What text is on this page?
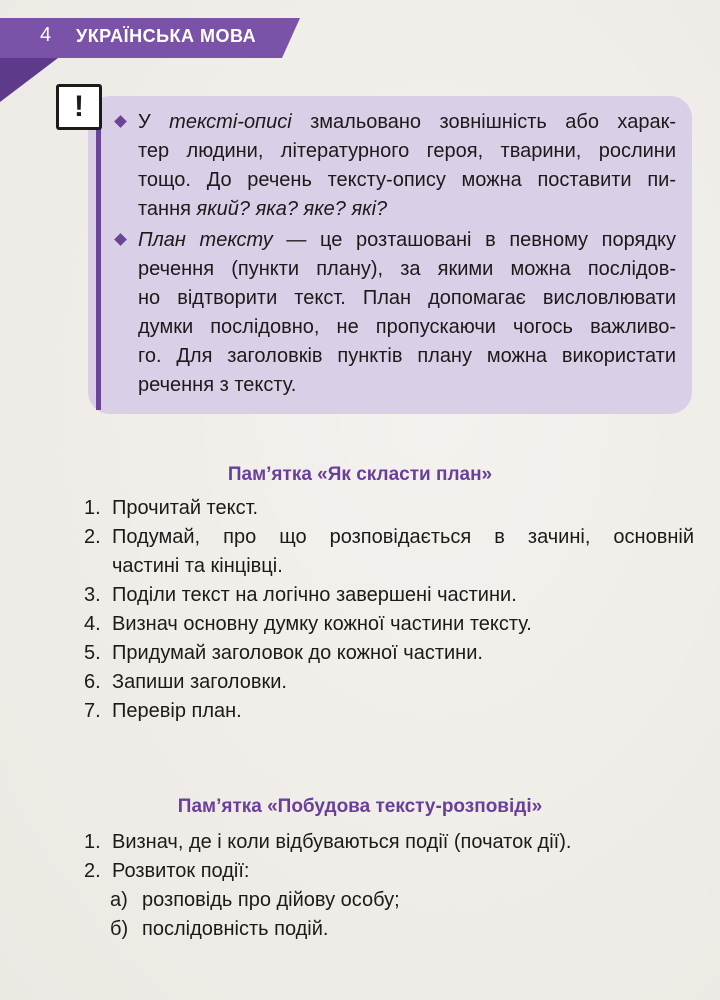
4 УКРАЇНСЬКА МОВА
!	У тексті-описі змальовано зовнішність або харак-
тер людини, літературного героя, тварини, рослини
тощо. До речень тексту-опису можна поставити пи-
тання який? яка? яке? які?
План тексту — це розташовані в певному порядку
речення (пункти плану), за якими можна послідов-
но відтворити текст. План допомагає висловлювати
думки послідовно, не пропускаючи чогось важливо-
го. Для заголовків пунктів плану можна використати
речення з тексту.
Пам’ятка «Як скласти план»
1. Прочитай текст.
2. Подумай, про що розповідається в зачині, основній
частині та кінцівці.
3. Поділи текст на логічно завершені частини.
4. Визнач основну думку кожної частини тексту.
5. Придумай заголовок до кожної частини.
6. Запиши заголовки.
7. Перевір план.
Пам’ятка «Побудова тексту-розповіді»
1. Визнач, де і коли відбуваються події (початок дії).
2. Розвиток події:
а) розповідь про дійову особу;
б) послідовність подій.
